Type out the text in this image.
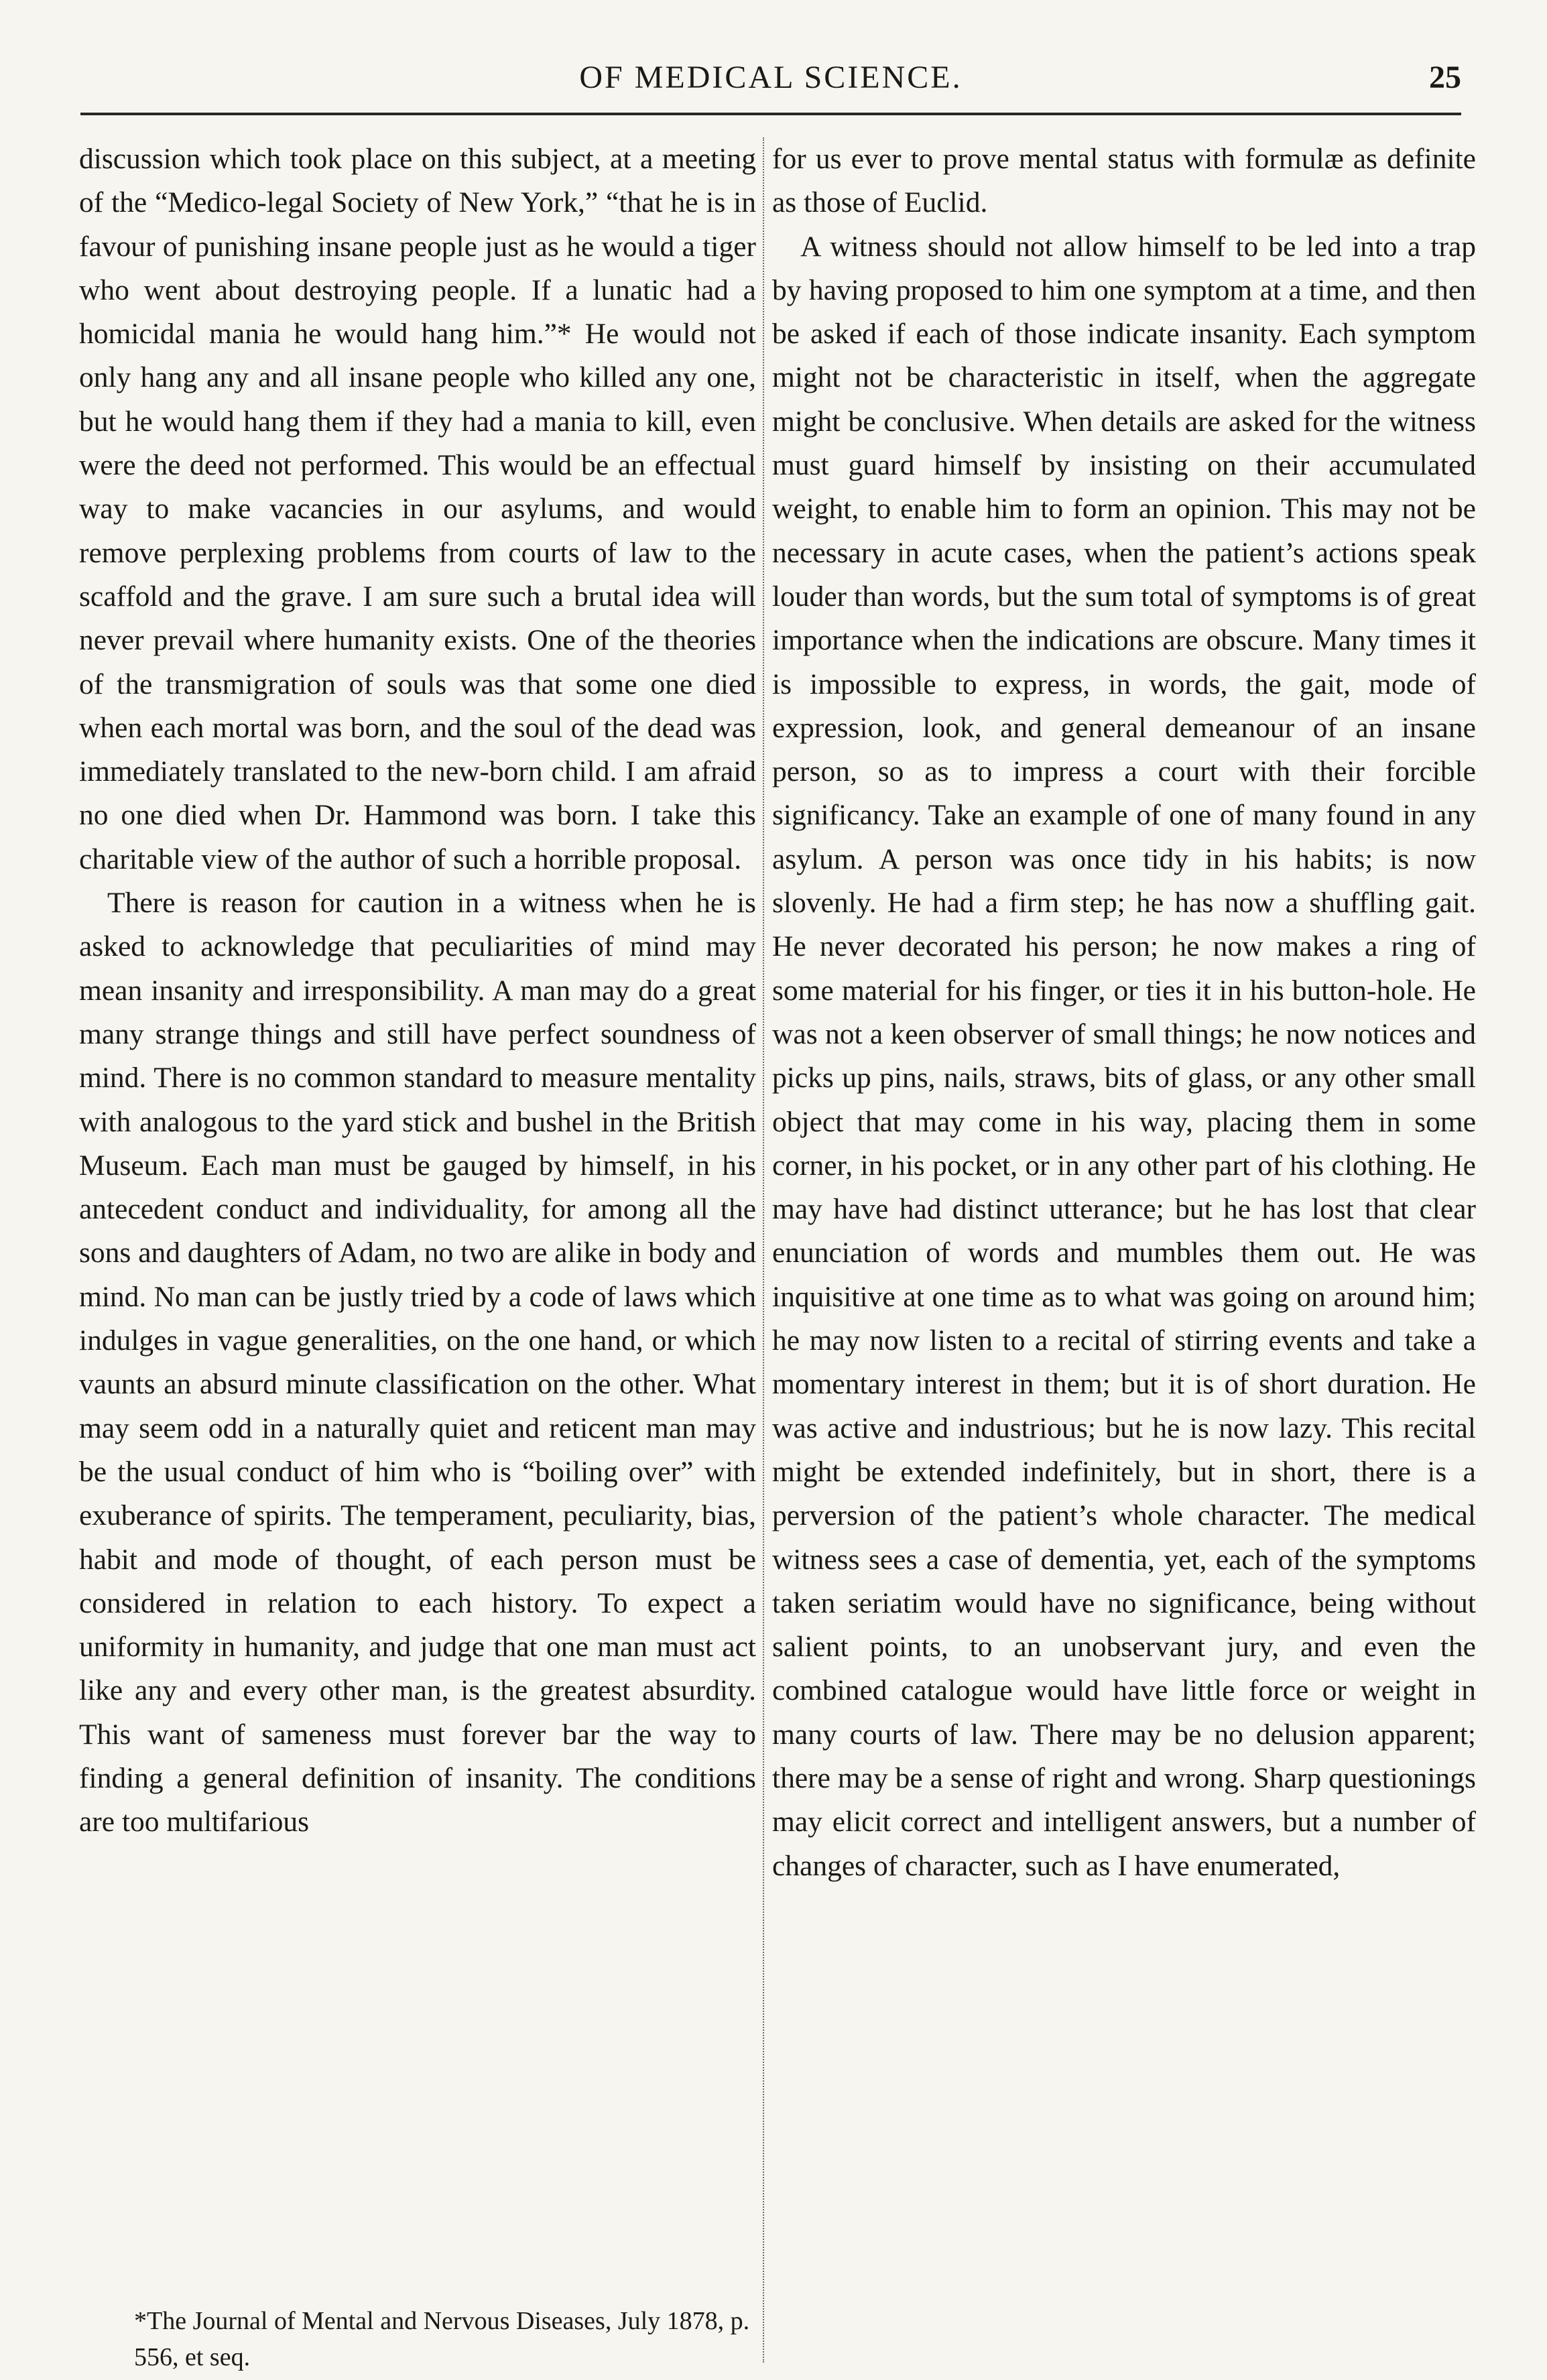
OF MEDICAL SCIENCE.	25

discussion which took place on this subject, at a meeting of the “Medico-legal Society of New York,” “that he is in favour of punishing insane people just as he would a tiger who went about destroying people. If a lunatic had a homicidal mania he would hang him.”* He would not only hang any and all insane people who killed any one, but he would hang them if they had a mania to kill, even were the deed not performed. This would be an effectual way to make vacancies in our asylums, and would remove perplexing problems from courts of law to the scaffold and the grave. I am sure such a brutal idea will never prevail where humanity exists. One of the theories of the transmigration of souls was that some one died when each mortal was born, and the soul of the dead was immediately translated to the new-born child. I am afraid no one died when Dr. Hammond was born. I take this charitable view of the author of such a horrible proposal.

There is reason for caution in a witness when he is asked to acknowledge that peculiarities of mind may mean insanity and irresponsibility. A man may do a great many strange things and still have perfect soundness of mind. There is no common standard to measure mentality with analogous to the yard stick and bushel in the British Museum. Each man must be gauged by himself, in his antecedent conduct and individuality, for among all the sons and daughters of Adam, no two are alike in body and mind. No man can be justly tried by a code of laws which indulges in vague generalities, on the one hand, or which vaunts an absurd minute classification on the other. What may seem odd in a naturally quiet and reticent man may be the usual conduct of him who is “boiling over” with exuberance of spirits. The temperament, peculiarity, bias, habit and mode of thought, of each person must be considered in relation to each history. To expect a uniformity in humanity, and judge that one man must act like any and every other man, is the greatest absurdity. This want of sameness must forever bar the way to finding a general definition of insanity. The conditions are too multifarious

for us ever to prove mental status with formulæ as definite as those of Euclid.

A witness should not allow himself to be led into a trap by having proposed to him one symptom at a time, and then be asked if each of those indicate insanity. Each symptom might not be characteristic in itself, when the aggregate might be conclusive. When details are asked for the witness must guard himself by insisting on their accumulated weight, to enable him to form an opinion. This may not be necessary in acute cases, when the patient’s actions speak louder than words, but the sum total of symptoms is of great importance when the indications are obscure. Many times it is impossible to express, in words, the gait, mode of expression, look, and general demeanour of an insane person, so as to impress a court with their forcible significancy. Take an example of one of many found in any asylum. A person was once tidy in his habits; is now slovenly. He had a firm step; he has now a shuffling gait. He never decorated his person; he now makes a ring of some material for his finger, or ties it in his button-hole. He was not a keen observer of small things; he now notices and picks up pins, nails, straws, bits of glass, or any other small object that may come in his way, placing them in some corner, in his pocket, or in any other part of his clothing. He may have had distinct utterance; but he has lost that clear enunciation of words and mumbles them out. He was inquisitive at one time as to what was going on around him; he may now listen to a recital of stirring events and take a momentary interest in them; but it is of short duration. He was active and industrious; but he is now lazy. This recital might be extended indefinitely, but in short, there is a perversion of the patient’s whole character. The medical witness sees a case of dementia, yet, each of the symptoms taken seriatim would have no significance, being without salient points, to an unobservant jury, and even the combined catalogue would have little force or weight in many courts of law. There may be no delusion apparent; there may be a sense of right and wrong. Sharp questionings may elicit correct and intelligent answers, but a number of changes of character, such as I have enumerated,

*The Journal of Mental and Nervous Diseases, July 1878, p. 556, et seq.
